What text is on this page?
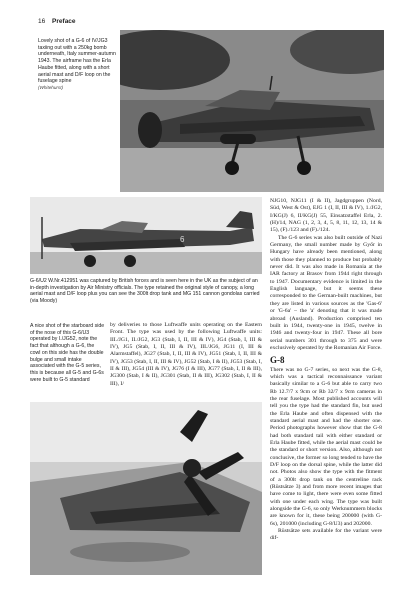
16 Preface
Lovely shot of a G-6 of IV/JG3 taxiing out with a 250kg bomb underneath, Italy summer-autumn 1943. The airframe has the Erla Haube fitted, along with a short aerial mast and D/F loop on the fuselage spine
(Whitehurst)
6
G-6/U2 W.Nr.412951 was captured by British forces and is seen here in the UK as the subject of an in-depth investigation by Air Ministry officials. The type retained the original style of canopy, a long aerial mast and D/F loop plus you can see the 300lt drop tank and MG 151 cannon gondolas carried (via Moody)
A nice shot of the starboard side of the nose of this G-6/U3 operated by I./JG52, note the fact that although a G-6, the cowl on this side has the double bulge and small intake associated with the G-5 series, this is because all G-5 and G-6s were built to G-5 standard

by deliveries to those Luftwaffe units operating on the Eastern Front. The type was used by the following Luftwaffe units: III./JG1, II./JG2, JG3 (Stab, I, II, III & IV), JG4 (Stab, I, III & IV), JG5 (Stab, I, II, III & IV), III./JG6, JG11 (I, III & Alarmstaffel), JG27 (Stab, I, II, III & IV), JG51 (Stab, I, II, III & IV), JG53 (Stab, I, II, III & IV), JG52 (Stab, I & II), JG53 (Stab, I, II & III), JG54 (III & IV), JG76 (I & III), JG77 (Stab, I, II & III), JG300 (Stab, I & II), JG301 (Stab, II & III), JG302 (Stab, I, II & III), I/

NJG10, NJG11 (I & II), Jagdgruppen (Nord, Süd, West & Ost), EJG 1 (I, II, III & IV), 1./JG2, I/KG(J) 6, II/KG(J) 55, Einsatzstaffel Erla, 2.(H)/14, NAG (1, 2, 3, 4, 5, 8, 11, 12, 13, 14 & 15), (F)./123 and (F)./124.

The G-6 series was also built outside of Nazi Germany, the small number made by Győr in Hungary have already been mentioned, along with those they planned to produce but probably never did. It was also made in Romania at the IAR factory at Brasov from 1944 right through to 1947. Documentary evidence is limited in the English language, but it seems these corresponded to the German-built machines, but they are listed in various sources as the 'Gas-6' or 'G-6a' – the 'a' denoting that it was made abroad (Ausland). Production comprised ten built in 1944, twenty-one in 1945, twelve in 1946 and twenty-four in 1947. These all bore serial numbers 301 through to 375 and were exclusively operated by the Romanian Air Force.

G-8

There was no G-7 series, so next was the G-8, which was a tactical reconnaissance variant basically similar to a G-6 but able to carry two Rb 12.7/7 x 9cm or Rb 32/7 x 9cm cameras in the rear fuselage. Most published accounts will tell you the type had the standard fin, but used the Erla Haube and often dispensed with the standard aerial mast and had the shorter one. Period photographs however show that the G-8 had both standard tail with either standard or Erla Haube fitted, while the aerial mast could be the standard or short version. Also, although not conclusive, the former so long tended to have the D/F loop on the dorsal spine, while the latter did not. Photos also show the type with the fitment of a 300lt drop tank on the centreline rack (Rüstsätze 3) and from more recent images that have come to light, there were even some fitted with one under each wing. The type was built alongside the G-6, so only Werknummern blocks are known for it, these being 200000 (with G-6s), 201000 (including G-8/U3) and 202000.

Rüstsätze sets available for the variant were dif-
